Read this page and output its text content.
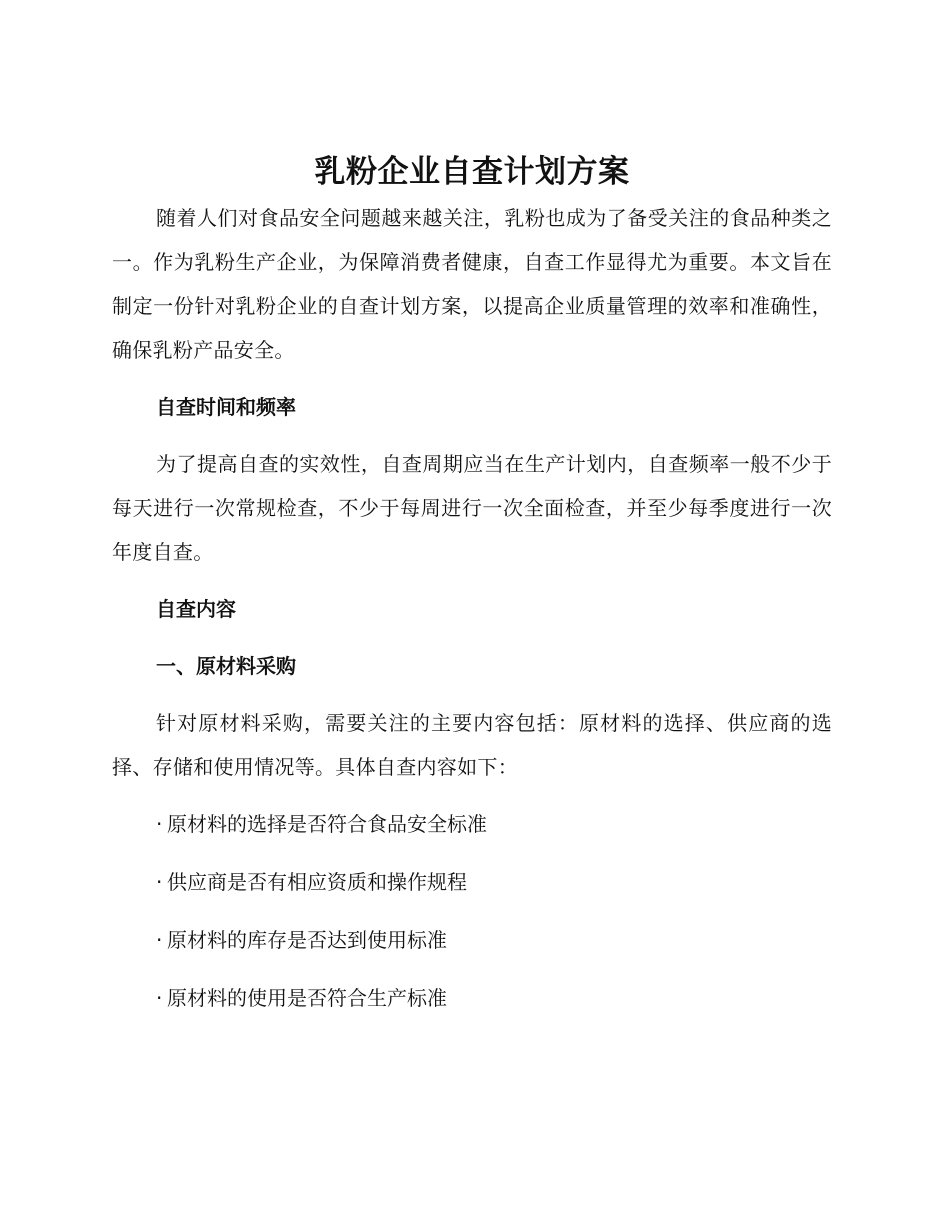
乳粉企业自查计划方案

随着人们对食品安全问题越来越关注，乳粉也成为了备受关注的食品种类之一。作为乳粉生产企业，为保障消费者健康，自查工作显得尤为重要。本文旨在制定一份针对乳粉企业的自查计划方案，以提高企业质量管理的效率和准确性，确保乳粉产品安全。

自查时间和频率

为了提高自查的实效性，自查周期应当在生产计划内，自查频率一般不少于每天进行一次常规检查，不少于每周进行一次全面检查，并至少每季度进行一次年度自查。

自查内容
一、原材料采购

针对原材料采购，需要关注的主要内容包括：原材料的选择、供应商的选择、存储和使用情况等。具体自查内容如下：

· 原材料的选择是否符合食品安全标准
· 供应商是否有相应资质和操作规程
· 原材料的库存是否达到使用标准
· 原材料的使用是否符合生产标准
